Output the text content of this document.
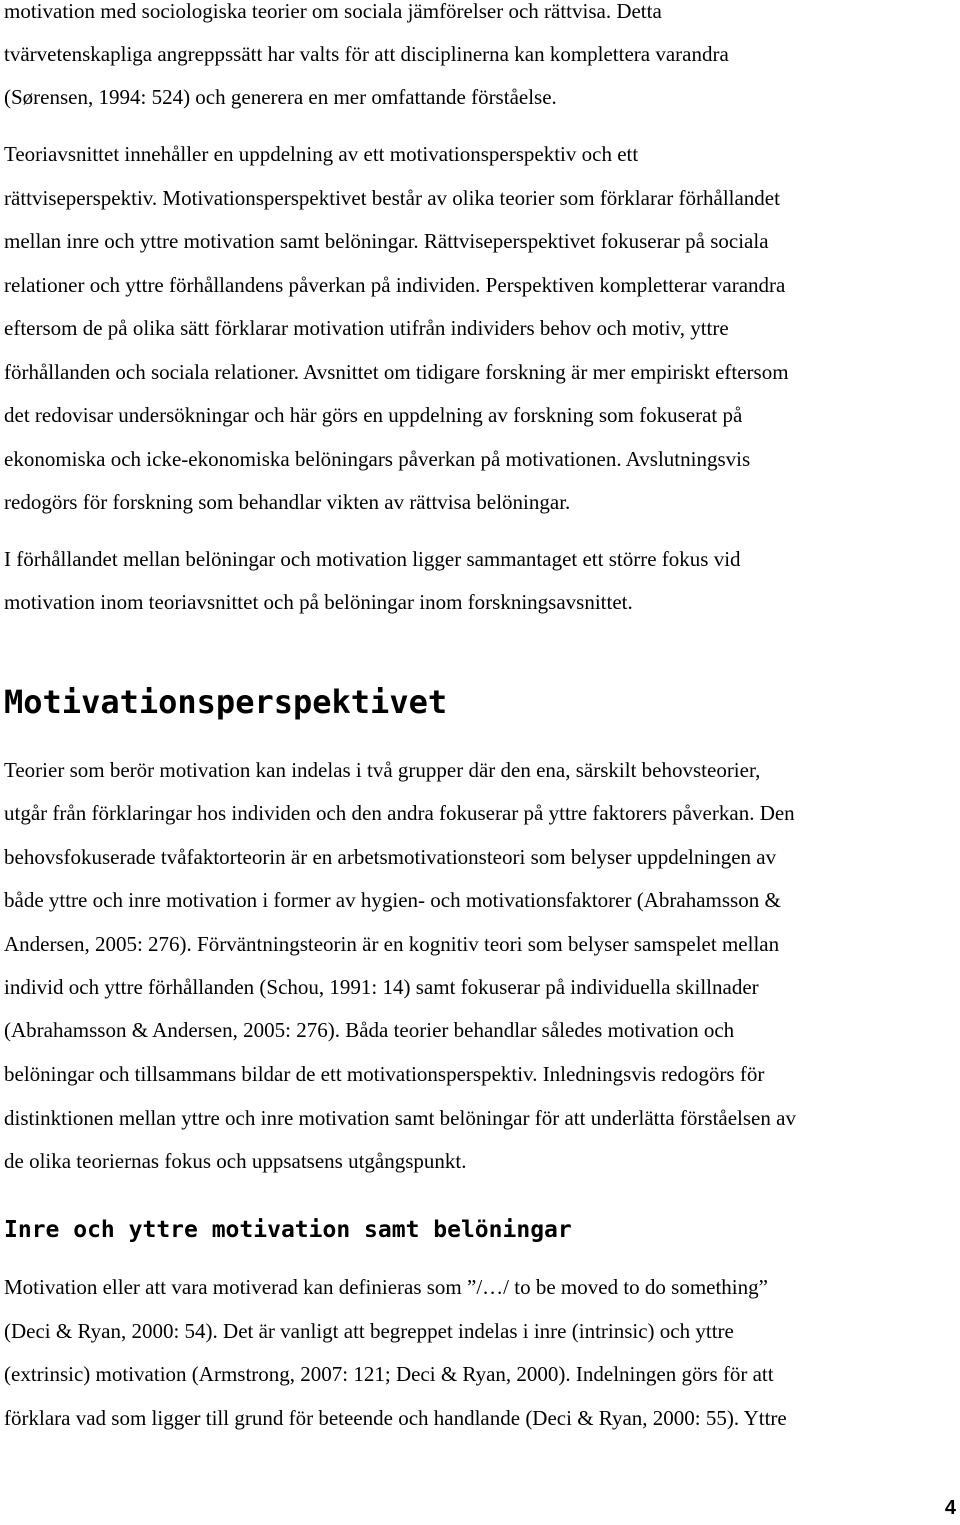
motivation med sociologiska teorier om sociala jämförelser och rättvisa. Detta
tvärvetenskapliga angreppssätt har valts för att disciplinerna kan komplettera varandra
(Sørensen, 1994: 524) och generera en mer omfattande förståelse.
Teoriavsnittet innehåller en uppdelning av ett motivationsperspektiv och ett
rättviseperspektiv. Motivationsperspektivet består av olika teorier som förklarar förhållandet
mellan inre och yttre motivation samt belöningar. Rättviseperspektivet fokuserar på sociala
relationer och yttre förhållandens påverkan på individen. Perspektiven kompletterar varandra
eftersom de på olika sätt förklarar motivation utifrån individers behov och motiv, yttre
förhållanden och sociala relationer. Avsnittet om tidigare forskning är mer empiriskt eftersom
det redovisar undersökningar och här görs en uppdelning av forskning som fokuserat på
ekonomiska och icke-ekonomiska belöningars påverkan på motivationen. Avslutningsvis
redogörs för forskning som behandlar vikten av rättvisa belöningar.
I förhållandet mellan belöningar och motivation ligger sammantaget ett större fokus vid
motivation inom teoriavsnittet och på belöningar inom forskningsavsnittet.
Motivationsperspektivet
Teorier som berör motivation kan indelas i två grupper där den ena, särskilt behovsteorier,
utgår från förklaringar hos individen och den andra fokuserar på yttre faktorers påverkan. Den
behovsfokuserade tvåfaktorteorin är en arbetsmotivationsteori som belyser uppdelningen av
både yttre och inre motivation i former av hygien- och motivationsfaktorer (Abrahamsson &
Andersen, 2005: 276). Förväntningsteorin är en kognitiv teori som belyser samspelet mellan
individ och yttre förhållanden (Schou, 1991: 14) samt fokuserar på individuella skillnader
(Abrahamsson & Andersen, 2005: 276). Båda teorier behandlar således motivation och
belöningar och tillsammans bildar de ett motivationsperspektiv. Inledningsvis redogörs för
distinktionen mellan yttre och inre motivation samt belöningar för att underlätta förståelsen av
de olika teoriernas fokus och uppsatsens utgångspunkt.
Inre och yttre motivation samt belöningar
Motivation eller att vara motiverad kan definieras som ”/…/ to be moved to do something”
(Deci & Ryan, 2000: 54). Det är vanligt att begreppet indelas i inre (intrinsic) och yttre
(extrinsic) motivation (Armstrong, 2007: 121; Deci & Ryan, 2000). Indelningen görs för att
förklara vad som ligger till grund för beteende och handlande (Deci & Ryan, 2000: 55). Yttre
4
